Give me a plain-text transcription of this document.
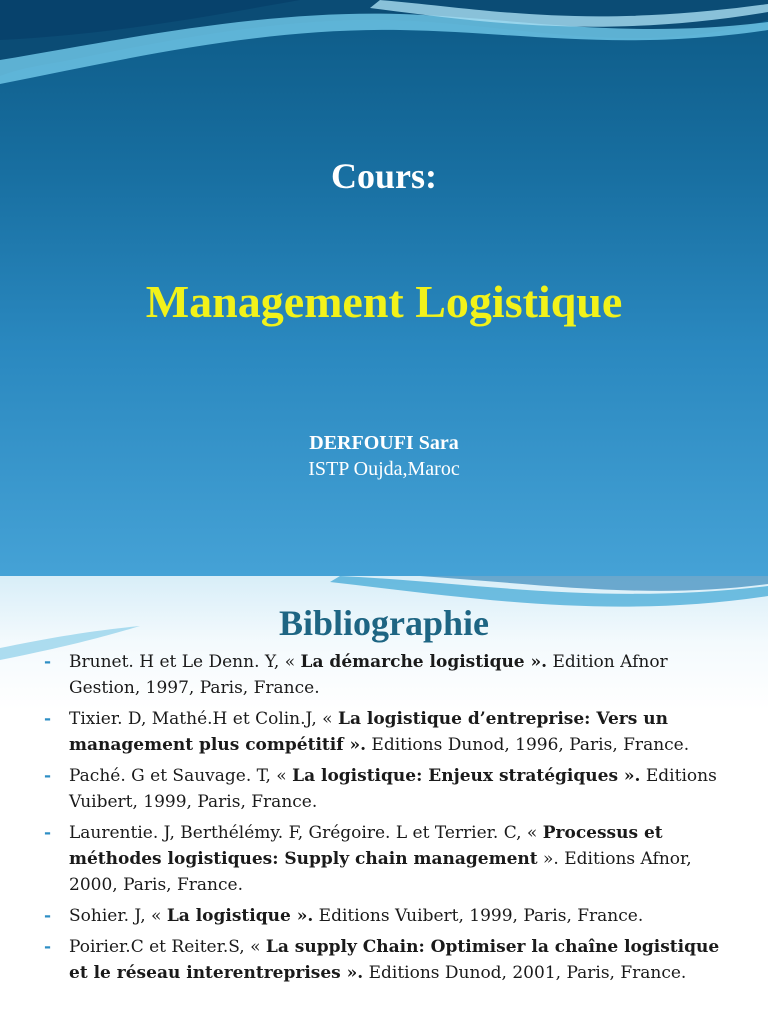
Cours:
Management Logistique
DERFOUFI Sara
ISTP Oujda,Maroc
Bibliographie
- Brunet. H et Le Denn. Y, « La démarche logistique ». Edition Afnor Gestion, 1997, Paris, France.
- Tixier. D, Mathé.H et Colin.J, « La logistique d’entreprise: Vers un management plus compétitif ». Editions Dunod, 1996, Paris, France.
- Paché. G et Sauvage. T, « La logistique: Enjeux stratégiques ». Editions Vuibert, 1999, Paris, France.
- Laurentie. J, Berthélémy. F, Grégoire. L et Terrier. C, « Processus et méthodes logistiques: Supply chain management ». Editions Afnor, 2000, Paris, France.
- Sohier. J, « La logistique ». Editions Vuibert, 1999, Paris, France.
- Poirier.C et Reiter.S, « La supply Chain: Optimiser la chaîne logistique et le réseau interentreprises ». Editions Dunod, 2001, Paris, France.
